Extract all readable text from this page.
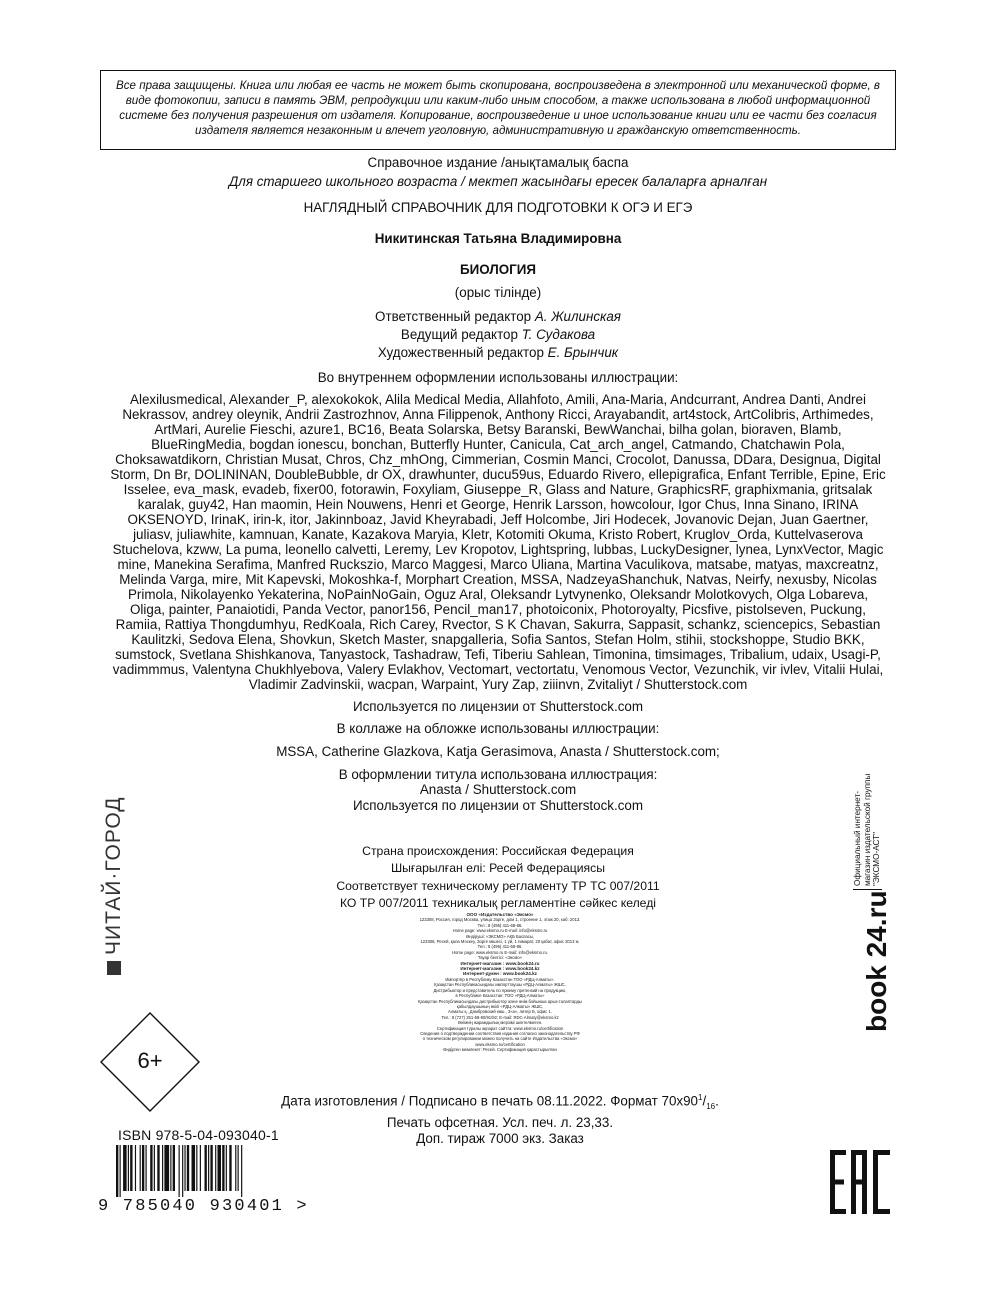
Все права защищены. Книга или любая ее часть не может быть скопирована, воспроизведена в электронной или механической форме, в виде фотокопии, записи в память ЭВМ, репродукции или каким-либо иным способом, а также использована в любой информационной системе без получения разрешения от издателя. Копирование, воспроизведение и иное использование книги или ее части без согласия издателя является незаконным и влечет уголовную, административную и гражданскую ответственность.
Справочное издание /анықтамалық баспа
Для старшего школьного возраста / мектеп жасындағы ересек балаларға арналған
НАГЛЯДНЫЙ СПРАВОЧНИК ДЛЯ ПОДГОТОВКИ К ОГЭ И ЕГЭ
Никитинская Татьяна Владимировна
БИОЛОГИЯ
(орыс тілінде)
Ответственный редактор А. Жилинская
Ведущий редактор Т. Судакова
Художественный редактор Е. Брынчик
Во внутреннем оформлении использованы иллюстрации:
Alexilusmedical, Alexander_P, alexokokok, Alila Medical Media, Allahfoto, Amili, Ana-Maria, Andcurrant, Andrea Danti, Andrei Nekrassov, andrey oleynik, Andrii Zastrozhnov, Anna Filippenok, Anthony Ricci, Arayabandit, art4stock, ArtColibris, Arthimedes, ArtMari, Aurelie Fieschi, azure1, BC16, Beata Solarska, Betsy Baranski, BewWanchai, bilha golan, bioraven, Blamb, BlueRingMedia, bogdan ionescu, bonchan, Butterfly Hunter, Canicula, Cat_arch_angel, Catmando, Chatchawin Pola, Choksawatdikorn, Christian Musat, Chros, Chz_mhOng, Cimmerian, Cosmin Manci, Crocolot, Danussa, DDara, Designua, Digital Storm, Dn Br, DOLININAN, DoubleBubble, dr OX, drawhunter, ducu59us, Eduardo Rivero, ellepigrafica, Enfant Terrible, Epine, Eric Isselee, eva_mask, evadeb, fixer00, fotorawin, Foxyliam, Giuseppe_R, Glass and Nature, GraphicsRF, graphixmania, gritsalak karalak, guy42, Han maomin, Hein Nouwens, Henri et George, Henrik Larsson, howcolour, Igor Chus, Inna Sinano, IRINA OKSENOYD, IrinaK, irin-k, itor, Jakinnboaz, Javid Kheyrabadi, Jeff Holcombe, Jiri Hodecek, Jovanovic Dejan, Juan Gaertner, juliasv, juliawhite, kamnuan, Kanate, Kazakova Maryia, Kletr, Kotomiti Okuma, Kristo Robert, Kruglov_Orda, Kuttelvaserova Stuchelova, kzww, La puma, leonello calvetti, Leremy, Lev Kropotov, Lightspring, lubbas, LuckyDesigner, lynea, LynxVector, Magic mine, Manekina Serafima, Manfred Ruckszio, Marco Maggesi, Marco Uliana, Martina Vaculikova, matsabe, matyas, maxcreatnz, Melinda Varga, mire, Mit Kapevski, Mokoshka-f, Morphart Creation, MSSA, NadzeyaShanchuk, Natvas, Neirfy, nexusby, Nicolas Primola, Nikolayenko Yekaterina, NoPainNoGain, Oguz Aral, Oleksandr Lytvynenko, Oleksandr Molotkovych, Olga Lobareva, Oliga, painter, Panaiotidi, Panda Vector, panor156, Pencil_man17, photoiconix, Photoroyalty, Picsfive, pistolseven, Puckung, Ramiia, Rattiya Thongdumhyu, RedKoala, Rich Carey, Rvector, S K Chavan, Sakurra, Sappasit, schankz, sciencepics, Sebastian Kaulitzki, Sedova Elena, Shovkun, Sketch Master, snapgalleria, Sofia Santos, Stefan Holm, stihii, stockshoppe, Studio BKK, sumstock, Svetlana Shishkanova, Tanyastock, Tashadraw, Tefi, Tiberiu Sahlean, Timonina, timsimages, Tribalium, udaix, Usagi-P, vadimmmus, Valentyna Chukhlyebova, Valery Evlakhov, Vectomart, vectortatu, Venomous Vector, Vezunchik, vir ivlev, Vitalii Hulai, Vladimir Zadvinskii, wacpan, Warpaint, Yury Zap, ziiinvn, Zvitaliyt / Shutterstock.com
Используется по лицензии от Shutterstock.com
В коллаже на обложке использованы иллюстрации:
MSSA, Catherine Glazkova, Katja Gerasimova, Anasta / Shutterstock.com;
В оформлении титула использована иллюстрация:
Anasta / Shutterstock.com
Используется по лицензии от Shutterstock.com
Страна происхождения: Российская Федерация
Шығарылған елі: Ресей Федерациясы
Соответствует техническому регламенту ТР ТС 007/2011
КО ТР 007/2011 техникалық регламентіне сәйкес келеді
ООО «Издательство «Эксмо»
123308, Россия, город Москва, улица Зорге, дом 1, строение 1, этаж 20, каб. 2013.
Тел.: 8 (495) 411-68-86.
Home page: www.eksmo.ru E-mail: info@eksmo.ru
Өндіруші: «ЭКСМО» АҚБ Баспасы,
123308, Ресей, қала Мәскеу, Зорге көшесі, 1 үй, 1 ғимарат, 20 қабат, офис 2013 ж.
Тел.: 8 (495) 411-68-86.
Home page: www.eksmo.ru E-mail: info@eksmo.ru.
Тауар белгісі: «Эксмо»
Интернет-магазин : www.book24.ru
Интернет-магазин : www.book24.kz
Интернет-дүкен : www.book24.kz
Импортёр в Республику Казахстан ТОО «РДЦ-Алматы».
Қазақстан Республикасындағы импорттаушы «РДЦ-Алматы» ЖШС.
Дистрибьютор и представитель по приему претензий на продукцию,
в Республике Казахстан: ТОО «РДЦ-Алматы»
Қазақстан Республикасындағы дистрибьютор және өнім бойынша арыз-талаптарды
қабылдаушының өкілі «РДЦ-Алматы» ЖШС,
Алматы қ., Домбровский көш., 3«а», литер Б, офис 1.
Тел.: 8 (727) 251-59-90/91/92; E-mail: RDC-Almaty@eksmo.kz
Өнімнің жарамдылық мерзімі шектелмеген.
Сертификация туралы ақпарат сайтта: www.eksmo.ru/certification
Сведения о подтверждении соответствия издания согласно законодательству РФ
о техническом регулировании можно получить на сайте Издательства «Эксмо»
www.eksmo.ru/certification
Өндірген мемлекет: Ресей. Сертификация қарастырылған
Дата изготовления / Подписано в печать 08.11.2022. Формат $70x90^1/_{16}$.
Печать офсетная. Усл. печ. л. 23,33.
Доп. тираж 7000 экз. Заказ
ISBN 978-5-04-093040-1
9 785040 930401 >
6+
ЧИТАЙ·ГОРОД
book 24.ru
Официальный интернет-магазин издательской группы "ЭКСМО-АСТ"
